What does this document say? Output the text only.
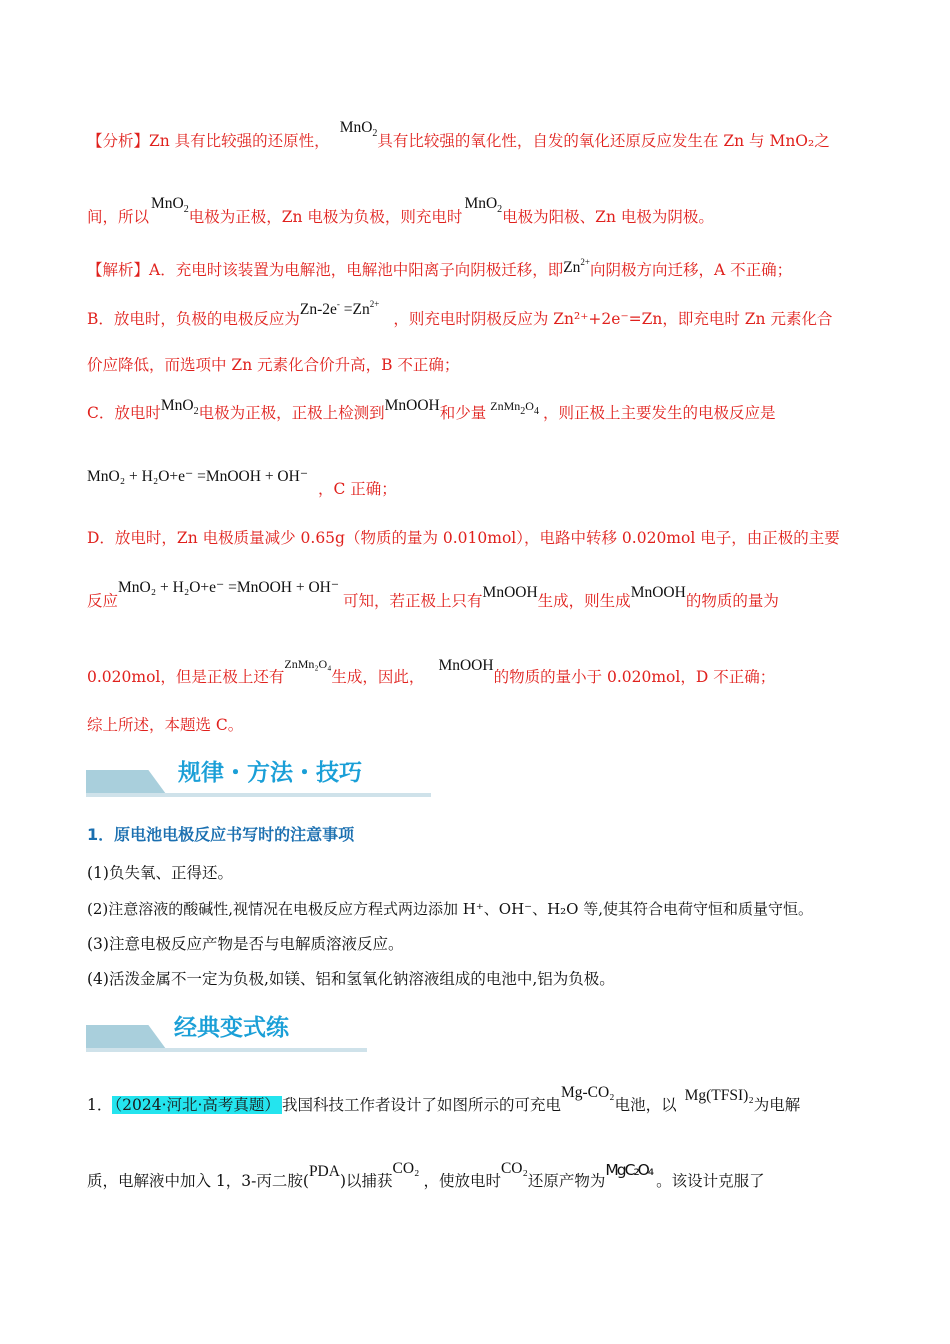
【分析】Zn 具有比较强的还原性，MnO$_2$具有比较强的氧化性，自发的氧化还原反应发生在 Zn 与 MnO₂之
间，所以MnO$_2$电极为正极，Zn 电极为负极，则充电时MnO$_2$电极为阳极、Zn 电极为阴极。
【解析】A．充电时该装置为电解池，电解池中阳离子向阴极迁移，即$Zn^{2+}$向阴极方向迁移，A 不正确；
B．放电时，负极的电极反应为$Zn-2e^- =Zn^{2+}$，则充电时阴极反应为 Zn²⁺+2e⁻=Zn，即充电时 Zn 元素化合
价应降低，而选项中 Zn 元素化合价升高，B 不正确；
C．放电时MnO$_2$电极为正极，正极上检测到MnOOH和少量 $ZnMn_2O_4$ ，则正极上主要发生的电极反应是
MnO₂ + H₂O+e⁻ =MnOOH + OH⁻，C 正确；
D．放电时，Zn 电极质量减少 0.65g（物质的量为 0.010mol），电路中转移 0.020mol 电子，由正极的主要
反应MnO₂ + H₂O+e⁻ =MnOOH + OH⁻可知，若正极上只有MnOOH生成，则生成MnOOH的物质的量为
0.020mol，但是正极上还有ZnMn₂O₄生成，因此，MnOOH的物质的量小于 0.020mol，D 不正确；
综上所述，本题选 C。
规律・方法・技巧
1．原电池电极反应书写时的注意事项
(1)负失氧、正得还。
(2)注意溶液的酸碱性,视情况在电极反应方程式两边添加 H⁺、OH⁻、H₂O 等,使其符合电荷守恒和质量守恒。
(3)注意电极反应产物是否与电解质溶液反应。
(4)活泼金属不一定为负极,如镁、铝和氢氧化钠溶液组成的电池中,铝为负极。
经典变式练
1． （2024·河北·高考真题） 我国科技工作者设计了如图所示的可充电Mg-CO₂电池，以Mg(TFSI)₂为电解
质，电解液中加入 1，3-丙二胺(PDA)以捕获CO₂，使放电时CO₂还原产物为MgC₂O₄。该设计克服了
